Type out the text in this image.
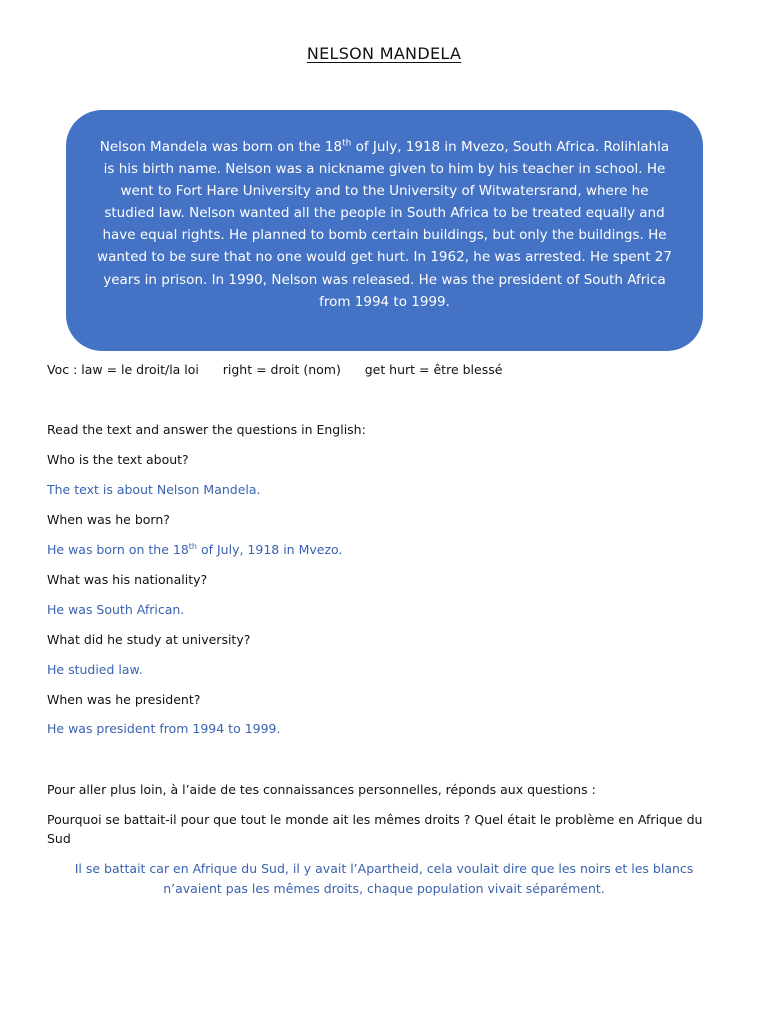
NELSON MANDELA
Nelson Mandela was born on the 18th of July, 1918 in Mvezo, South Africa. Rolihlahla is his birth name. Nelson was a nickname given to him by his teacher in school. He went to Fort Hare University and to the University of Witwatersrand, where he studied law. Nelson wanted all the people in South Africa to be treated equally and have equal rights. He planned to bomb certain buildings, but only the buildings. He wanted to be sure that no one would get hurt. In 1962, he was arrested. He spent 27 years in prison. In 1990, Nelson was released. He was the president of South Africa from 1994 to 1999.
Voc : law = le droit/la loi right = droit (nom) get hurt = être blessé
Read the text and answer the questions in English:
Who is the text about?
The text is about Nelson Mandela.
When was he born?
He was born on the 18th of July, 1918 in Mvezo.
What was his nationality?
He was South African.
What did he study at university?
He studied law.
When was he president?
He was president from 1994 to 1999.
Pour aller plus loin, à l’aide de tes connaissances personnelles, réponds aux questions :
Pourquoi se battait-il pour que tout le monde ait les mêmes droits ? Quel était le problème en Afrique du Sud
Il se battait car en Afrique du Sud, il y avait l’Apartheid, cela voulait dire que les noirs et les blancs n’avaient pas les mêmes droits, chaque population vivait séparément.
